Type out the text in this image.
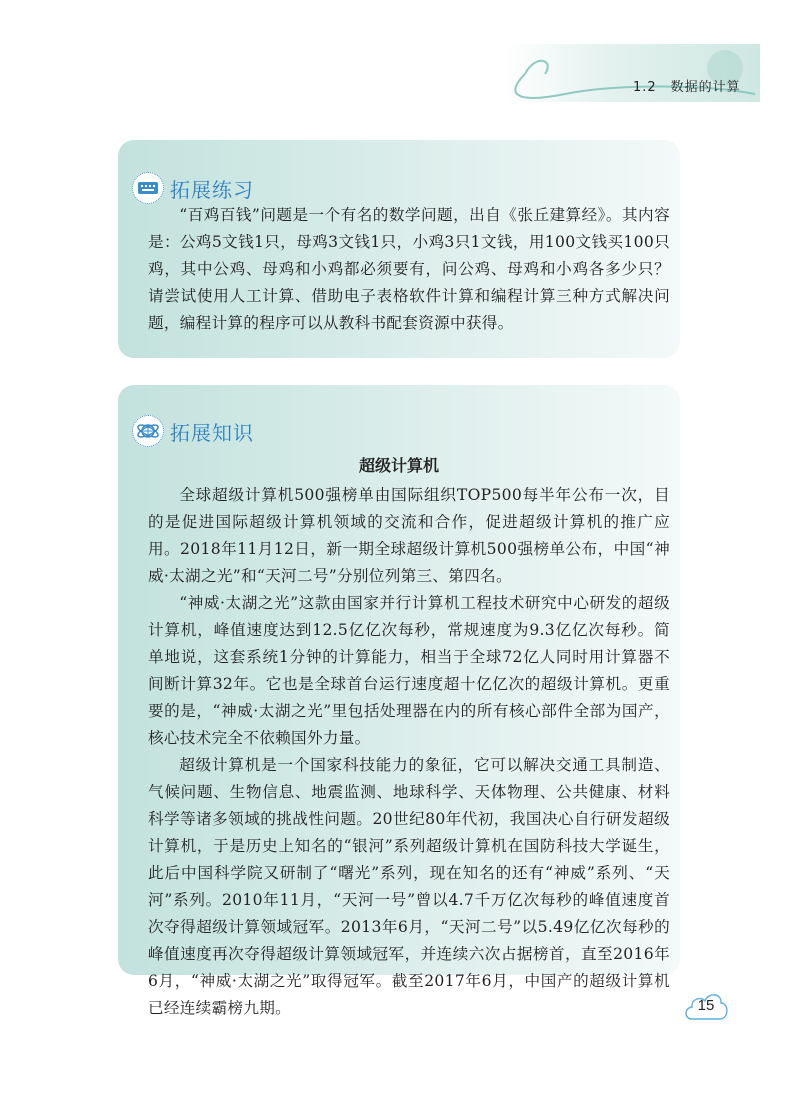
1.2　数据的计算
拓展练习

“百鸡百钱”问题是一个有名的数学问题，出自《张丘建算经》。其内容是：公鸡5文钱1只，母鸡3文钱1只，小鸡3只1文钱，用100文钱买100只鸡，其中公鸡、母鸡和小鸡都必须要有，问公鸡、母鸡和小鸡各多少只？请尝试使用人工计算、借助电子表格软件计算和编程计算三种方式解决问题，编程计算的程序可以从教科书配套资源中获得。

拓展知识
超级计算机

全球超级计算机500强榜单由国际组织TOP500每半年公布一次，目的是促进国际超级计算机领域的交流和合作，促进超级计算机的推广应用。2018年11月12日，新一期全球超级计算机500强榜单公布，中国“神威·太湖之光”和“天河二号”分别位列第三、第四名。

“神威·太湖之光”这款由国家并行计算机工程技术研究中心研发的超级计算机，峰值速度达到12.5亿亿次每秒，常规速度为9.3亿亿次每秒。简单地说，这套系统1分钟的计算能力，相当于全球72亿人同时用计算器不间断计算32年。它也是全球首台运行速度超十亿亿次的超级计算机。更重要的是，“神威·太湖之光”里包括处理器在内的所有核心部件全部为国产，核心技术完全不依赖国外力量。

超级计算机是一个国家科技能力的象征，它可以解决交通工具制造、气候问题、生物信息、地震监测、地球科学、天体物理、公共健康、材料科学等诸多领域的挑战性问题。20世纪80年代初，我国决心自行研发超级计算机，于是历史上知名的“银河”系列超级计算机在国防科技大学诞生，此后中国科学院又研制了“曙光”系列，现在知名的还有“神威”系列、“天河”系列。2010年11月，“天河一号”曾以4.7千万亿次每秒的峰值速度首次夺得超级计算领域冠军。2013年6月，“天河二号”以5.49亿亿次每秒的峰值速度再次夺得超级计算领域冠军，并连续六次占据榜首，直至2016年6月，“神威·太湖之光”取得冠军。截至2017年6月，中国产的超级计算机已经连续霸榜九期。	15
